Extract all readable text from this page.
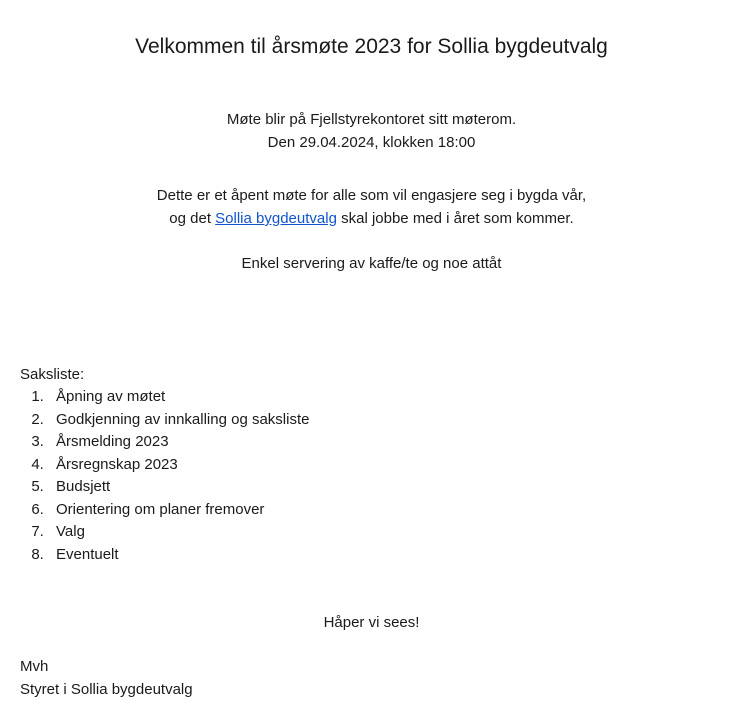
Velkommen til årsmøte 2023 for Sollia bygdeutvalg
Møte blir på Fjellstyrekontoret sitt møterom.
Den 29.04.2024, klokken 18:00
Dette er et åpent møte for alle som vil engasjere seg i bygda vår,
og det Sollia bygdeutvalg skal jobbe med i året som kommer.
Enkel servering av kaffe/te og noe attåt
Saksliste:
1. Åpning av møtet
2. Godkjenning av innkalling og saksliste
3. Årsmelding 2023
4. Årsregnskap 2023
5. Budsjett
6. Orientering om planer fremover
7. Valg
8. Eventuelt
Håper vi sees!
Mvh
Styret i Sollia bygdeutvalg
